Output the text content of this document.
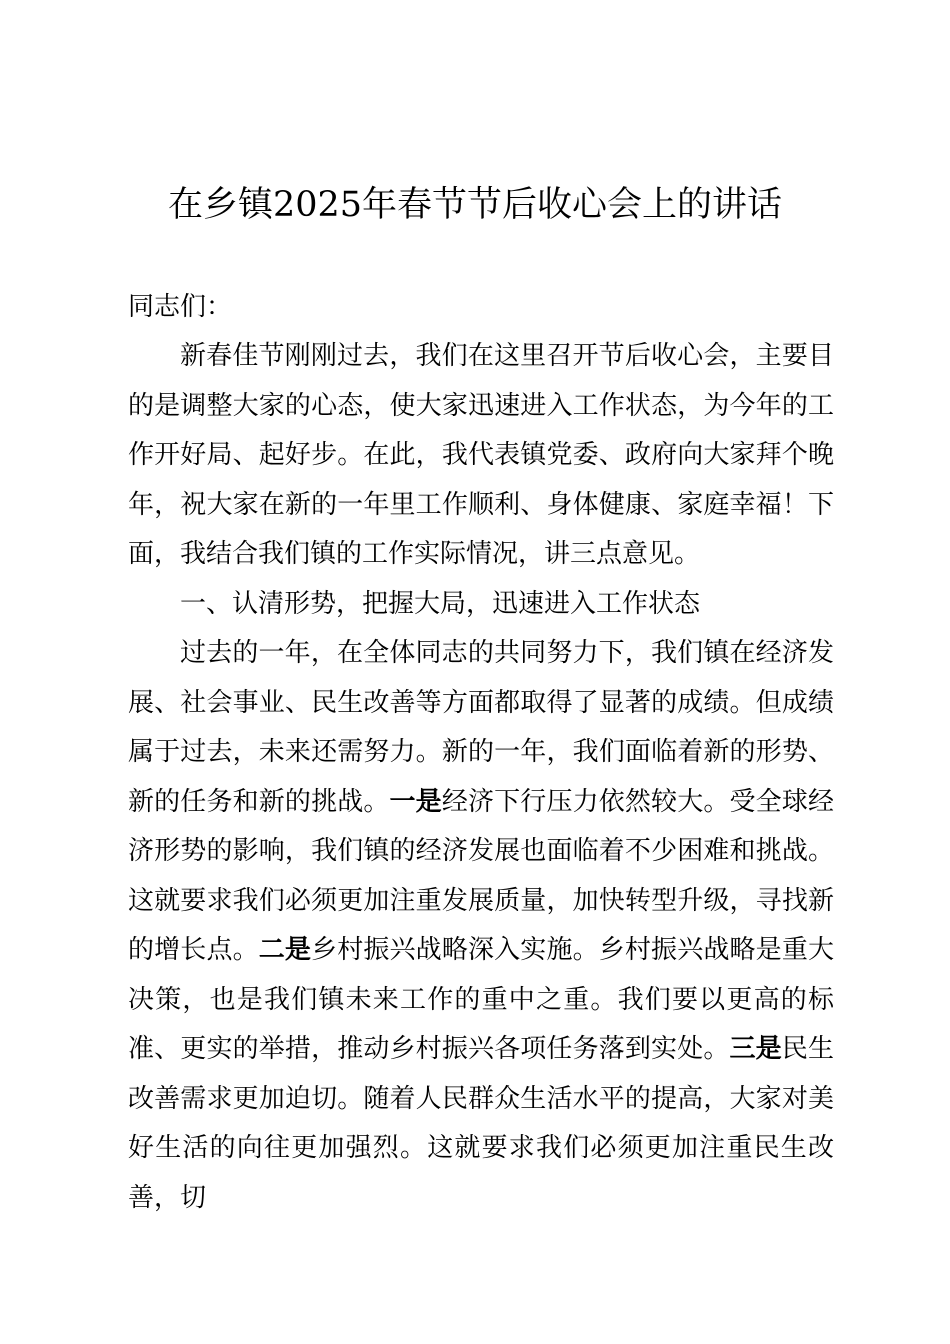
在乡镇2025年春节节后收心会上的讲话
同志们：

新春佳节刚刚过去，我们在这里召开节后收心会，主要目的是调整大家的心态，使大家迅速进入工作状态，为今年的工作开好局、起好步。在此，我代表镇党委、政府向大家拜个晚年，祝大家在新的一年里工作顺利、身体健康、家庭幸福！下面，我结合我们镇的工作实际情况，讲三点意见。

一、认清形势，把握大局，迅速进入工作状态

过去的一年，在全体同志的共同努力下，我们镇在经济发展、社会事业、民生改善等方面都取得了显著的成绩。但成绩属于过去，未来还需努力。新的一年，我们面临着新的形势、新的任务和新的挑战。一是经济下行压力依然较大。受全球经济形势的影响，我们镇的经济发展也面临着不少困难和挑战。这就要求我们必须更加注重发展质量，加快转型升级，寻找新的增长点。二是乡村振兴战略深入实施。乡村振兴战略是重大决策，也是我们镇未来工作的重中之重。我们要以更高的标准、更实的举措，推动乡村振兴各项任务落到实处。三是民生改善需求更加迫切。随着人民群众生活水平的提高，大家对美好生活的向往更加强烈。这就要求我们必须更加注重民生改善，切
